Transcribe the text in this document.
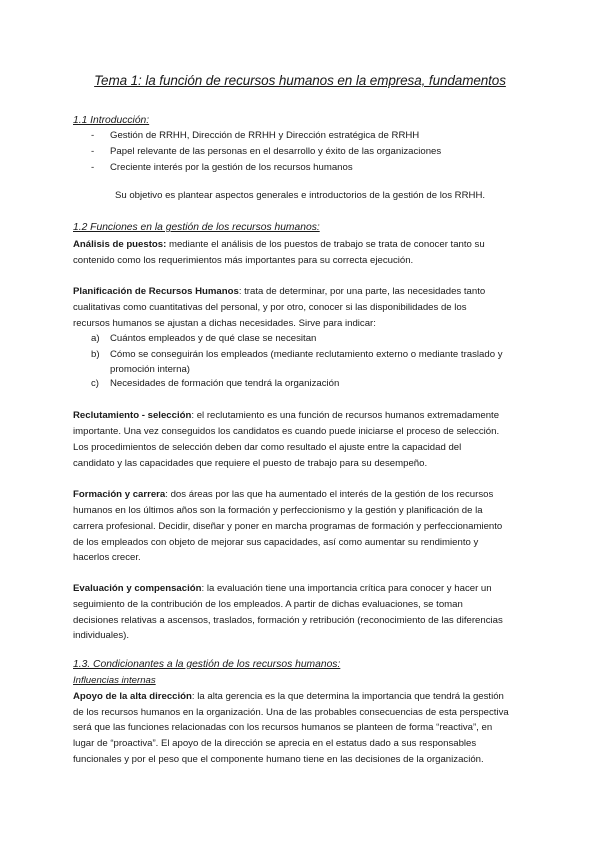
Tema 1: la función de recursos humanos en la empresa, fundamentos
1.1 Introducción:
- Gestión de RRHH, Dirección de RRHH y Dirección estratégica de RRHH
- Papel relevante de las personas en el desarrollo y éxito de las organizaciones
- Creciente interés por la gestión de los recursos humanos
Su objetivo es plantear aspectos generales e introductorios de la gestión de los RRHH.
1.2 Funciones en la gestión de los recursos humanos:
Análisis de puestos: mediante el análisis de los puestos de trabajo se trata de conocer tanto su
contenido como los requerimientos más importantes para su correcta ejecución.
Planificación de Recursos Humanos: trata de determinar, por una parte, las necesidades tanto
cualitativas como cuantitativas del personal, y por otro, conocer si las disponibilidades de los
recursos humanos se ajustan a dichas necesidades. Sirve para indicar:
a) Cuántos empleados y de qué clase se necesitan
b) Cómo se conseguirán los empleados (mediante reclutamiento externo o mediante traslado y
promoción interna)
c) Necesidades de formación que tendrá la organización
Reclutamiento - selección: el reclutamiento es una función de recursos humanos extremadamente
importante. Una vez conseguidos los candidatos es cuando puede iniciarse el proceso de selección.
Los procedimientos de selección deben dar como resultado el ajuste entre la capacidad del
candidato y las capacidades que requiere el puesto de trabajo para su desempeño.
Formación y carrera: dos áreas por las que ha aumentado el interés de la gestión de los recursos
humanos en los últimos años son la formación y perfeccionismo y la gestión y planificación de la
carrera profesional. Decidir, diseñar y poner en marcha programas de formación y perfeccionamiento
de los empleados con objeto de mejorar sus capacidades, así como aumentar su rendimiento y
hacerlos crecer.
Evaluación y compensación: la evaluación tiene una importancia crítica para conocer y hacer un
seguimiento de la contribución de los empleados. A partir de dichas evaluaciones, se toman
decisiones relativas a ascensos, traslados, formación y retribución (reconocimiento de las diferencias
individuales).
1.3. Condicionantes a la gestión de los recursos humanos:
Influencias internas
Apoyo de la alta dirección: la alta gerencia es la que determina la importancia que tendrá la gestión
de los recursos humanos en la organización. Una de las probables consecuencias de esta perspectiva
será que las funciones relacionadas con los recursos humanos se planteen de forma “reactiva”, en
lugar de “proactiva”. El apoyo de la dirección se aprecia en el estatus dado a sus responsables
funcionales y por el peso que el componente humano tiene en las decisiones de la organización.
